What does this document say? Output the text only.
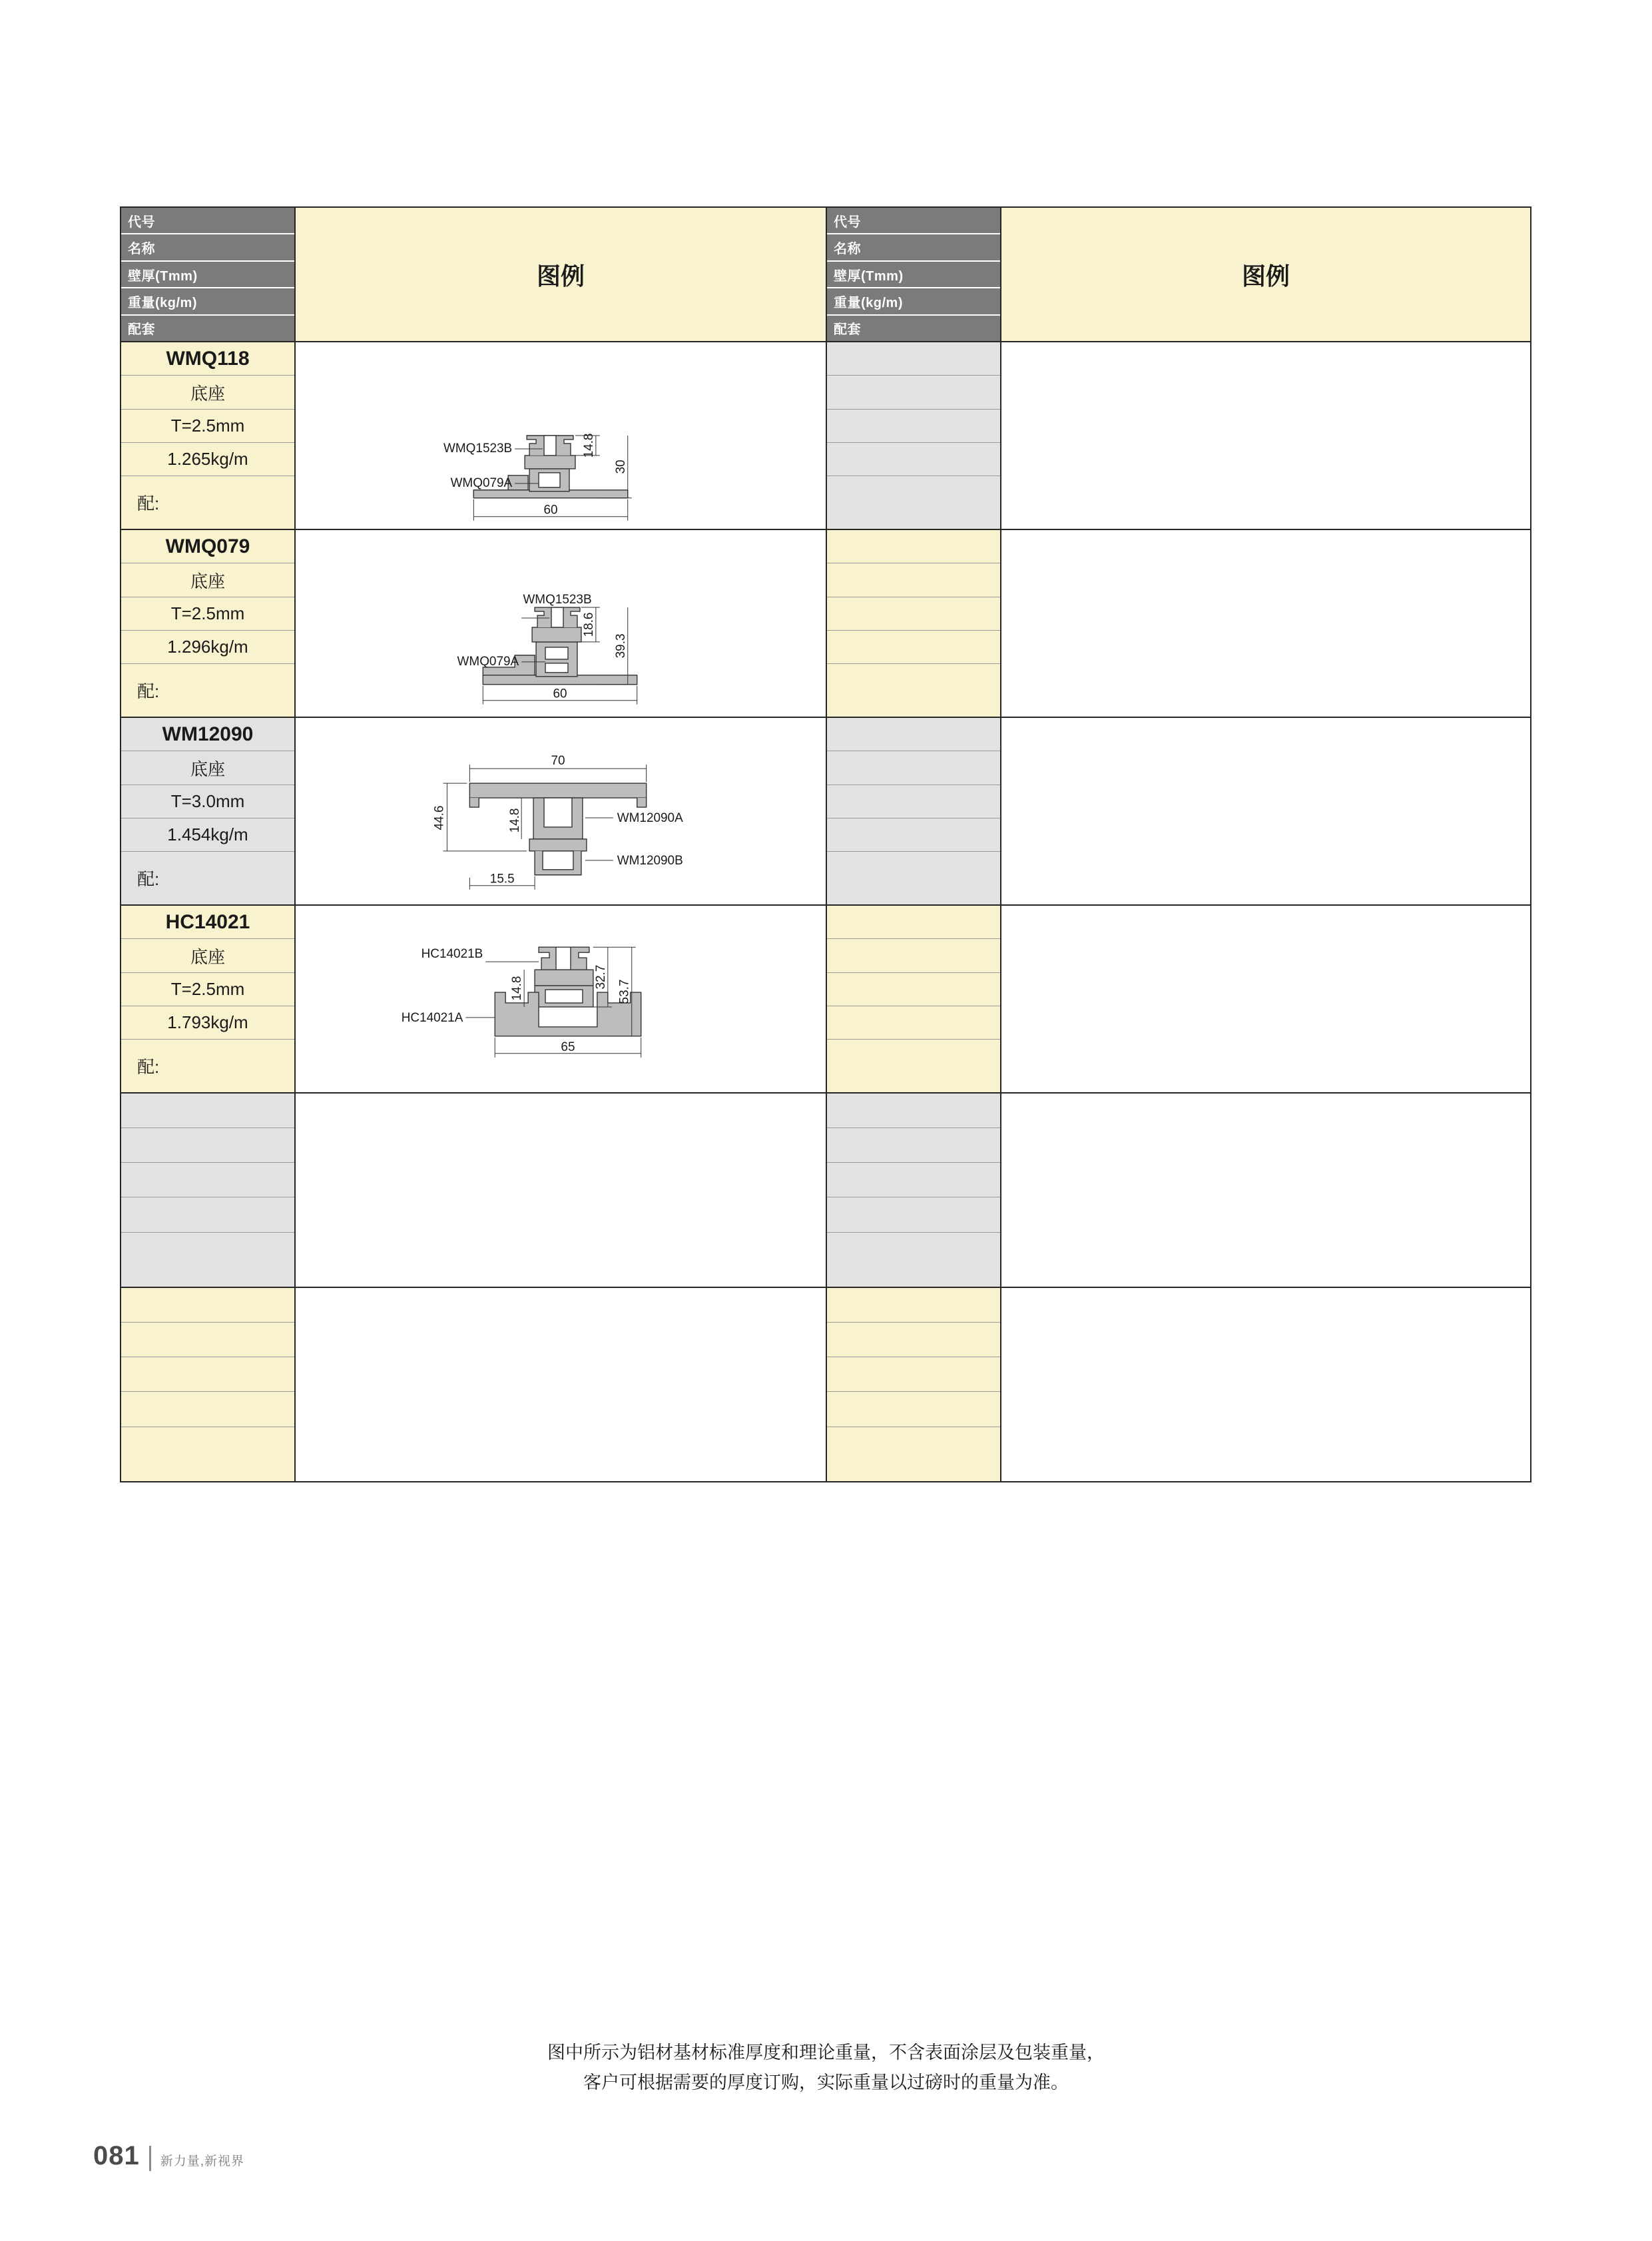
代号
名称
壁厚(Tmm)
重量(kg/m)
配套
图例
WMQ118
底座
T=2.5mm
1.265kg/m
配:
WMQ1523B
WMQ079A
60
14.8
30
WMQ079
底座
T=2.5mm
1.296kg/m
配:
WMQ1523B
WMQ079A
60
18.6
39.3
WM12090
底座
T=3.0mm
1.454kg/m
配:
70
44.6	14.8
15.5
WM12090A
WM12090B
HC14021
底座
T=2.5mm
1.793kg/m
配:
HC14021B
HC14021A
65
14.8	32.7
53.7
代号
名称
壁厚(Tmm)
重量(kg/m)
配套
图例
图中所示为铝材基材标准厚度和理论重量，不含表面涂层及包装重量，
客户可根据需要的厚度订购，实际重量以过磅时的重量为准。
081 新力量,新视界
